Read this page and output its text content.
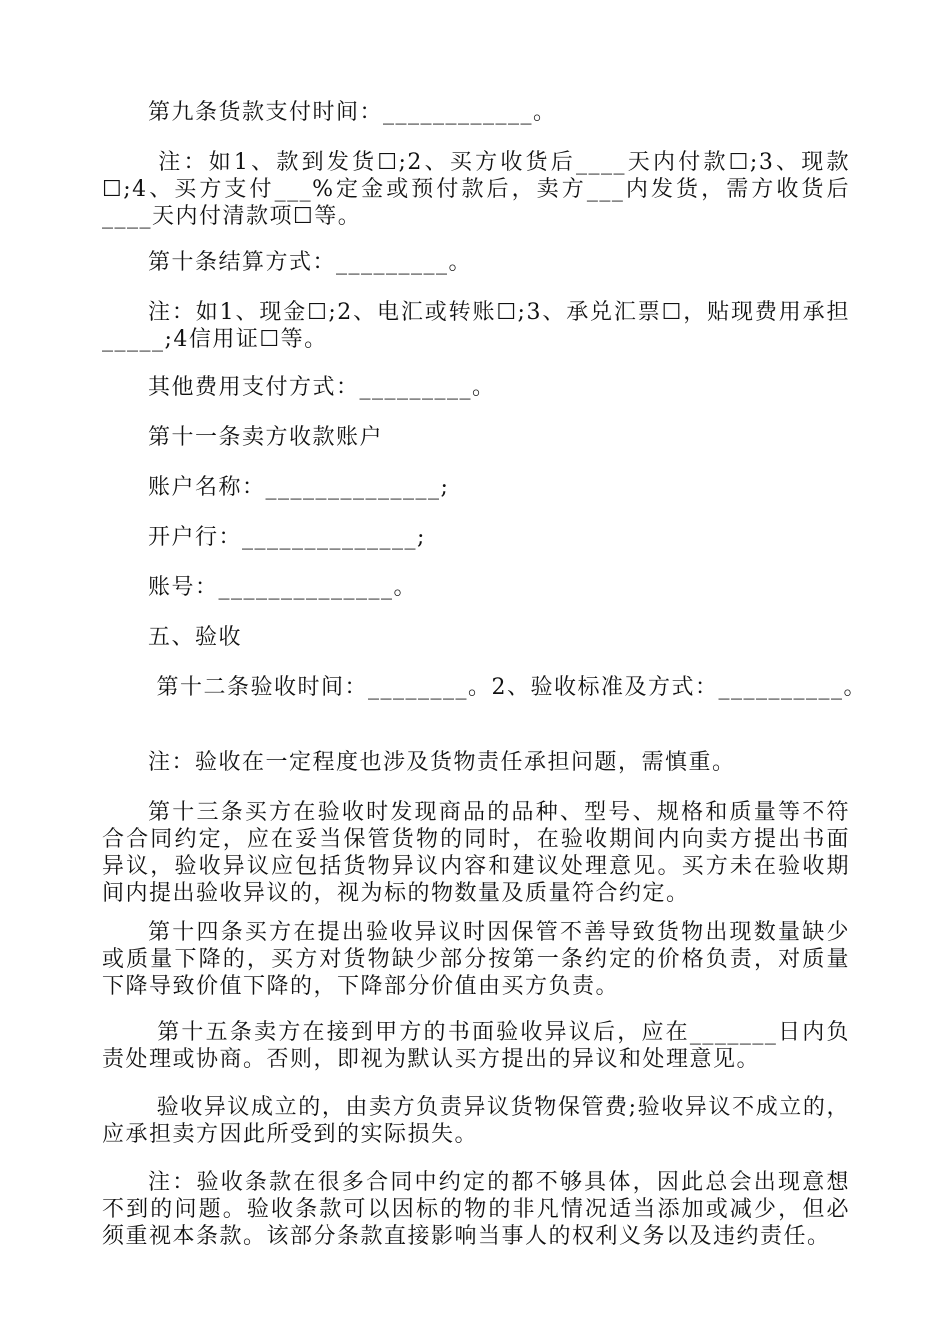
第九条货款支付时间：____________。
注：如1、款到发货☐;2、买方收货后____天内付款☐;3、现款☐;4、买方支付___%定金或预付款后，卖方___内发货，需方收货后____天内付清款项☐等。
第十条结算方式：_________。
注：如1、现金☐;2、电汇或转账☐;3、承兑汇票☐，贴现费用承担_____;4信用证☐等。
其他费用支付方式：_________。
第十一条卖方收款账户
账户名称：______________;
开户行：______________;
账号：______________。
五、验收
第十二条验收时间：________。2、验收标准及方式：__________。
注：验收在一定程度也涉及货物责任承担问题，需慎重。
第十三条买方在验收时发现商品的品种、型号、规格和质量等不符合合同约定，应在妥当保管货物的同时，在验收期间内向卖方提出书面异议，验收异议应包括货物异议内容和建议处理意见。买方未在验收期间内提出验收异议的，视为标的物数量及质量符合约定。
第十四条买方在提出验收异议时因保管不善导致货物出现数量缺少或质量下降的，买方对货物缺少部分按第一条约定的价格负责，对质量下降导致价值下降的，下降部分价值由买方负责。
第十五条卖方在接到甲方的书面验收异议后，应在_______日内负责处理或协商。否则，即视为默认买方提出的异议和处理意见。
验收异议成立的，由卖方负责异议货物保管费;验收异议不成立的，应承担卖方因此所受到的实际损失。
注：验收条款在很多合同中约定的都不够具体，因此总会出现意想不到的问题。验收条款可以因标的物的非凡情况适当添加或减少，但必须重视本条款。该部分条款直接影响当事人的权利义务以及违约责任。
